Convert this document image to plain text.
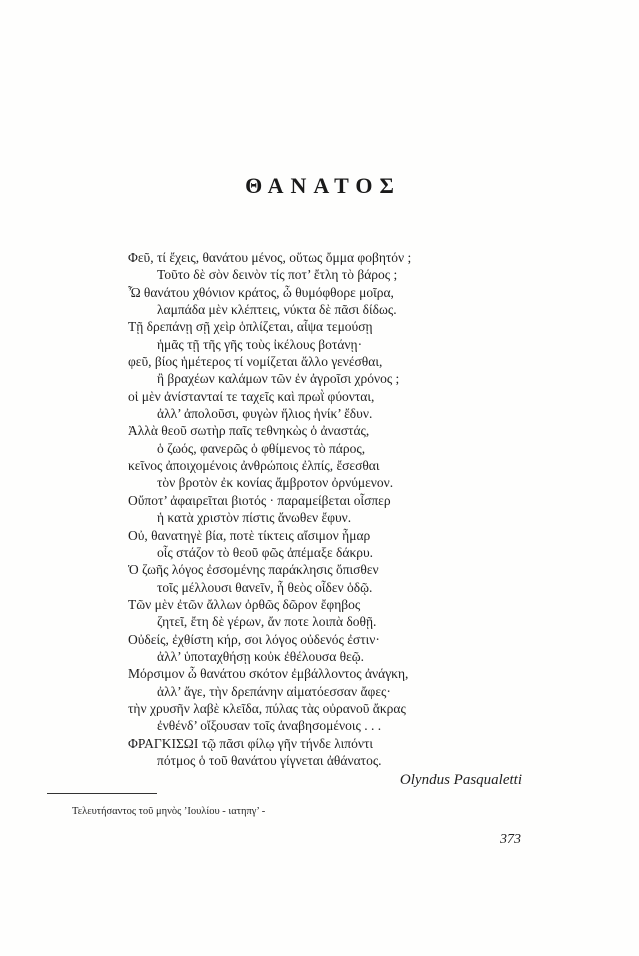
ΘΑΝΑΤΟΣ
Φεῦ, τί ἔχεις, θανάτου μένος, οὕτως ὄμμα φοβητόν ;
Τοῦτο δὲ σὸν δεινὸν τίς ποτ’ ἔτλη τὸ βάρος ;
Ὦ θανάτου χθόνιον κράτος, ὦ θυμόφθορε μοῖρα,
λαμπάδα μὲν κλέπτεις, νύκτα δὲ πᾶσι δίδως.
Τῇ δρεπάνῃ σῇ χεὶρ ὁπλίζεται, αἶψα τεμούσῃ
ἡμᾶς τῇ τῆς γῆς τοὺς ἰκέλους βοτάνῃ·
φεῦ, βίος ἡμέτερος τί νομίζεται ἄλλο γενέσθαι,
ἢ βραχέων καλάμων τῶν ἐν ἀγροῖσι χρόνος ;
οἱ μὲν ἀνίστανταί τε ταχεῖς καὶ πρωῒ φύονται,
ἀλλ’ ἀπολοῦσι, φυγὼν ἥλιος ἡνίκ’ ἔδυν.
Ἀλλὰ θεοῦ σωτὴρ παῖς τεθνηκὼς ὁ ἀναστάς,
ὁ ζωός, φανερῶς ὁ φθίμενος τὸ πάρος,
κεῖνος ἀποιχομένοις ἀνθρώποις ἐλπίς, ἔσεσθαι
τὸν βροτὸν ἐκ κονίας ἄμβροτον ὀρνύμενον.
Οὔποτ’ ἀφαιρεῖται βιοτός · παραμείβεται οἷσπερ
ἡ κατὰ χριστὸν πίστις ἄνωθεν ἔφυν.
Οὐ, θανατηγὲ βία, ποτὲ τίκτεις αἴσιμον ἦμαρ
οἷς στάζον τὸ θεοῦ φῶς ἀπέμαξε δάκρυ.
Ὁ ζωῆς λόγος ἐσσομένης παράκλησις ὄπισθεν
τοῖς μέλλουσι θανεῖν, ἧ θεὸς οἶδεν ὁδῷ.
Τῶν μὲν ἐτῶν ἄλλων ὀρθῶς δῶρον ἔφηβος
ζητεῖ, ἔτη δὲ γέρων, ἄν ποτε λοιπὰ δοθῇ.
Οὐδείς, ἐχθίστη κήρ, σοι λόγος οὐδενός ἐστιν·
ἀλλ’ ὑποταχθήσῃ κοὐκ ἐθέλουσα θεῷ.
Μόρσιμον ὦ θανάτου σκότον ἐμβάλλοντος ἀνάγκη,
ἀλλ’ ἄγε, τὴν δρεπάνην αἱματόεσσαν ἄφες·
τὴν χρυσῆν λαβὲ κλεῖδα, πύλας τὰς οὐρανοῦ ἄκρας
ἐνθένδ’ οἴξουσαν τοῖς ἀναβησομένοις . . .
ΦΡΑΓΚΙΣΩΙ τῷ πᾶσι φίλῳ γῆν τήνδε λιπόντι
πότμος ὁ τοῦ θανάτου γίγνεται ἀθάνατος.
Olyndus Pasqualetti
Τελευτήσαντος τοῦ μηνὸς ’Ιουλίου - ιατηπγ’ -
373
